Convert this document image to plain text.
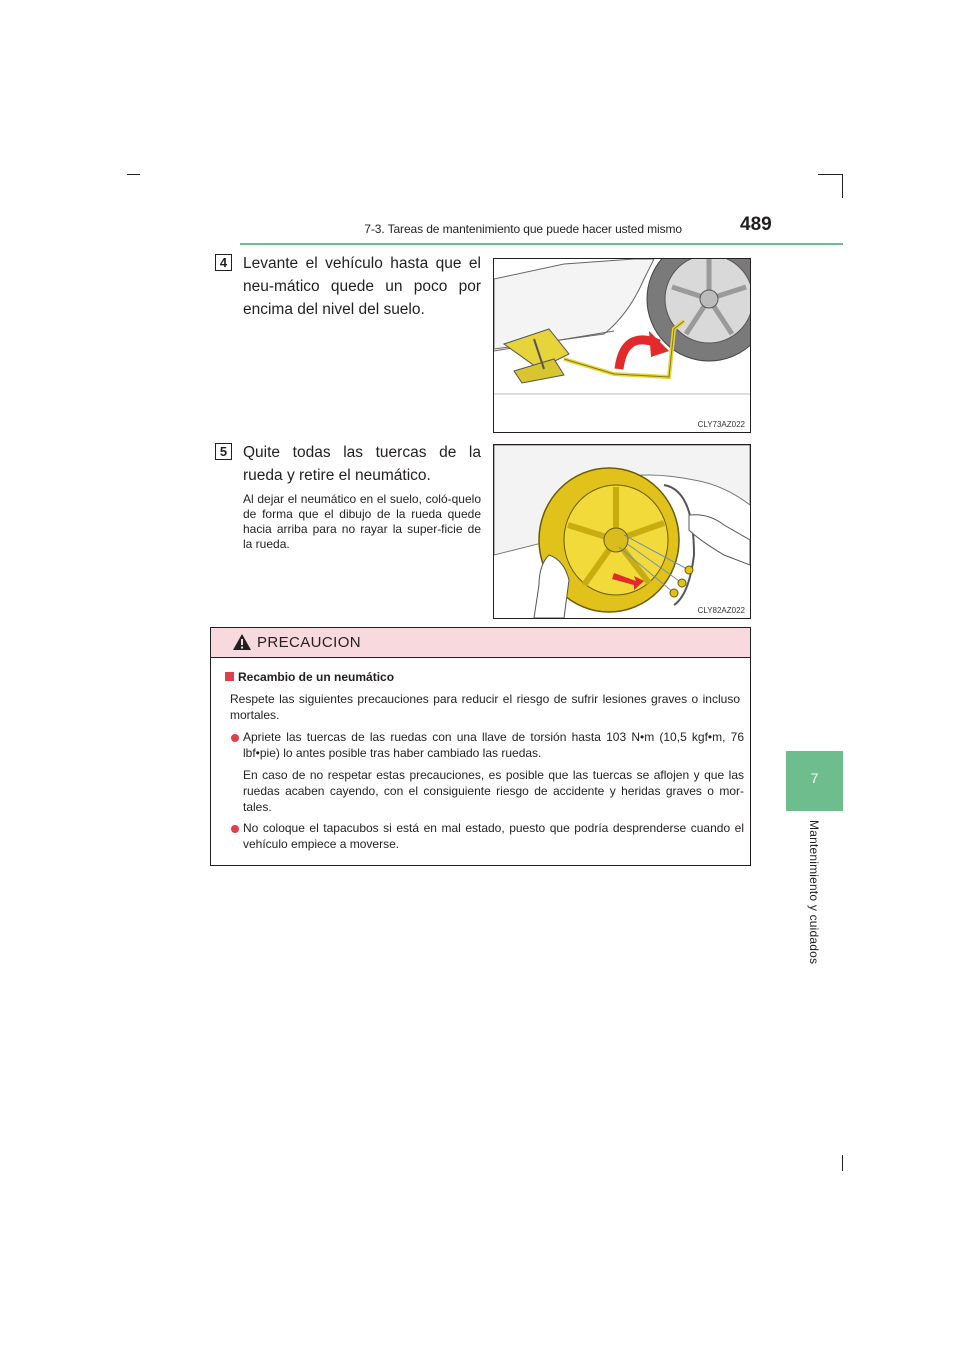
7-3. Tareas de mantenimiento que puede hacer usted mismo	489
7
Mantenimiento y cuidados
4	Levante el vehículo hasta que el neu-mático quede un poco por encima del nivel del suelo.
CLY73AZ022
5	Quite todas las tuercas de la rueda y retire el neumático.
Al dejar el neumático en el suelo, coló-quelo de forma que el dibujo de la rueda quede hacia arriba para no rayar la super-ficie de la rueda.
CLY82AZ022
PRECAUCION
Recambio de un neumático
Respete las siguientes precauciones para reducir el riesgo de sufrir lesiones graves o incluso mortales.
Apriete las tuercas de las ruedas con una llave de torsión hasta 103 N•m (10,5 kgf•m, 76 lbf•pie) lo antes posible tras haber cambiado las ruedas.
En caso de no respetar estas precauciones, es posible que las tuercas se aflojen y que las ruedas acaben cayendo, con el consiguiente riesgo de accidente y heridas graves o mor-tales.
No coloque el tapacubos si está en mal estado, puesto que podría desprenderse cuando el vehículo empiece a moverse.
